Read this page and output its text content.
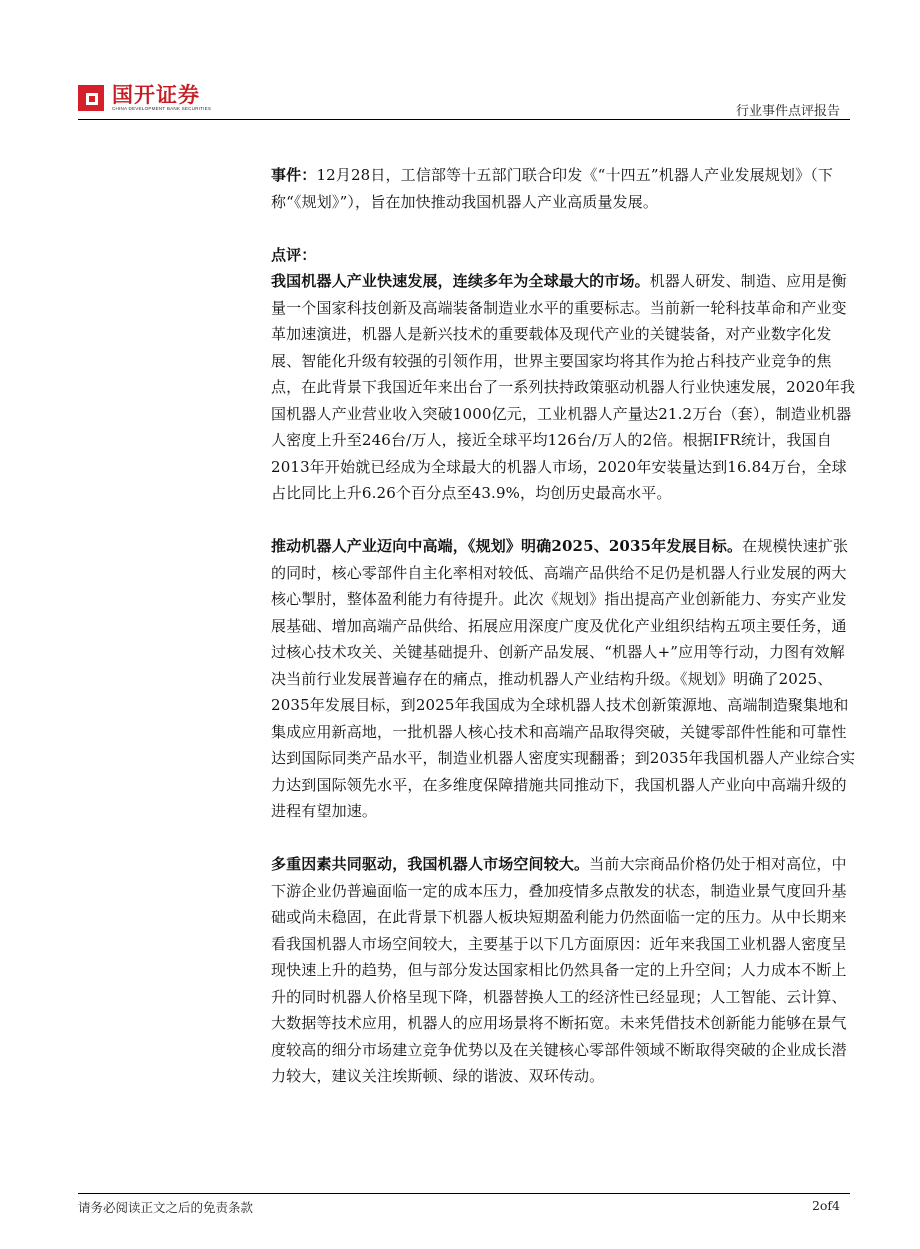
国开证券
CHINA DEVELOPMENT BANK SECURITIES	行业事件点评报告

事件：12月28日，工信部等十五部门联合印发《“十四五”机器人产业发展规划》（下称“《规划》”），旨在加快推动我国机器人产业高质量发展。

点评：

我国机器人产业快速发展，连续多年为全球最大的市场。机器人研发、制造、应用是衡量一个国家科技创新及高端装备制造业水平的重要标志。当前新一轮科技革命和产业变革加速演进，机器人是新兴技术的重要载体及现代产业的关键装备，对产业数字化发展、智能化升级有较强的引领作用，世界主要国家均将其作为抢占科技产业竞争的焦点，在此背景下我国近年来出台了一系列扶持政策驱动机器人行业快速发展，2020年我国机器人产业营业收入突破1000亿元，工业机器人产量达21.2万台（套），制造业机器人密度上升至246台/万人，接近全球平均126台/万人的2倍。根据IFR统计，我国自2013年开始就已经成为全球最大的机器人市场，2020年安装量达到16.84万台，全球占比同比上升6.26个百分点至43.9%，均创历史最高水平。

推动机器人产业迈向中高端，《规划》明确2025、2035年发展目标。在规模快速扩张的同时，核心零部件自主化率相对较低、高端产品供给不足仍是机器人行业发展的两大核心掣肘，整体盈利能力有待提升。此次《规划》指出提高产业创新能力、夯实产业发展基础、增加高端产品供给、拓展应用深度广度及优化产业组织结构五项主要任务，通过核心技术攻关、关键基础提升、创新产品发展、“机器人+”应用等行动，力图有效解决当前行业发展普遍存在的痛点，推动机器人产业结构升级。《规划》明确了2025、2035年发展目标，到2025年我国成为全球机器人技术创新策源地、高端制造聚集地和集成应用新高地，一批机器人核心技术和高端产品取得突破，关键零部件性能和可靠性达到国际同类产品水平，制造业机器人密度实现翻番；到2035年我国机器人产业综合实力达到国际领先水平，在多维度保障措施共同推动下，我国机器人产业向中高端升级的进程有望加速。

多重因素共同驱动，我国机器人市场空间较大。当前大宗商品价格仍处于相对高位，中下游企业仍普遍面临一定的成本压力，叠加疫情多点散发的状态，制造业景气度回升基础或尚未稳固，在此背景下机器人板块短期盈利能力仍然面临一定的压力。从中长期来看我国机器人市场空间较大，主要基于以下几方面原因：近年来我国工业机器人密度呈现快速上升的趋势，但与部分发达国家相比仍然具备一定的上升空间；人力成本不断上升的同时机器人价格呈现下降，机器替换人工的经济性已经显现；人工智能、云计算、大数据等技术应用，机器人的应用场景将不断拓宽。未来凭借技术创新能力能够在景气度较高的细分市场建立竞争优势以及在关键核心零部件领域不断取得突破的企业成长潜力较大，建议关注埃斯顿、绿的谐波、双环传动。

请务必阅读正文之后的免责条款	2of4
